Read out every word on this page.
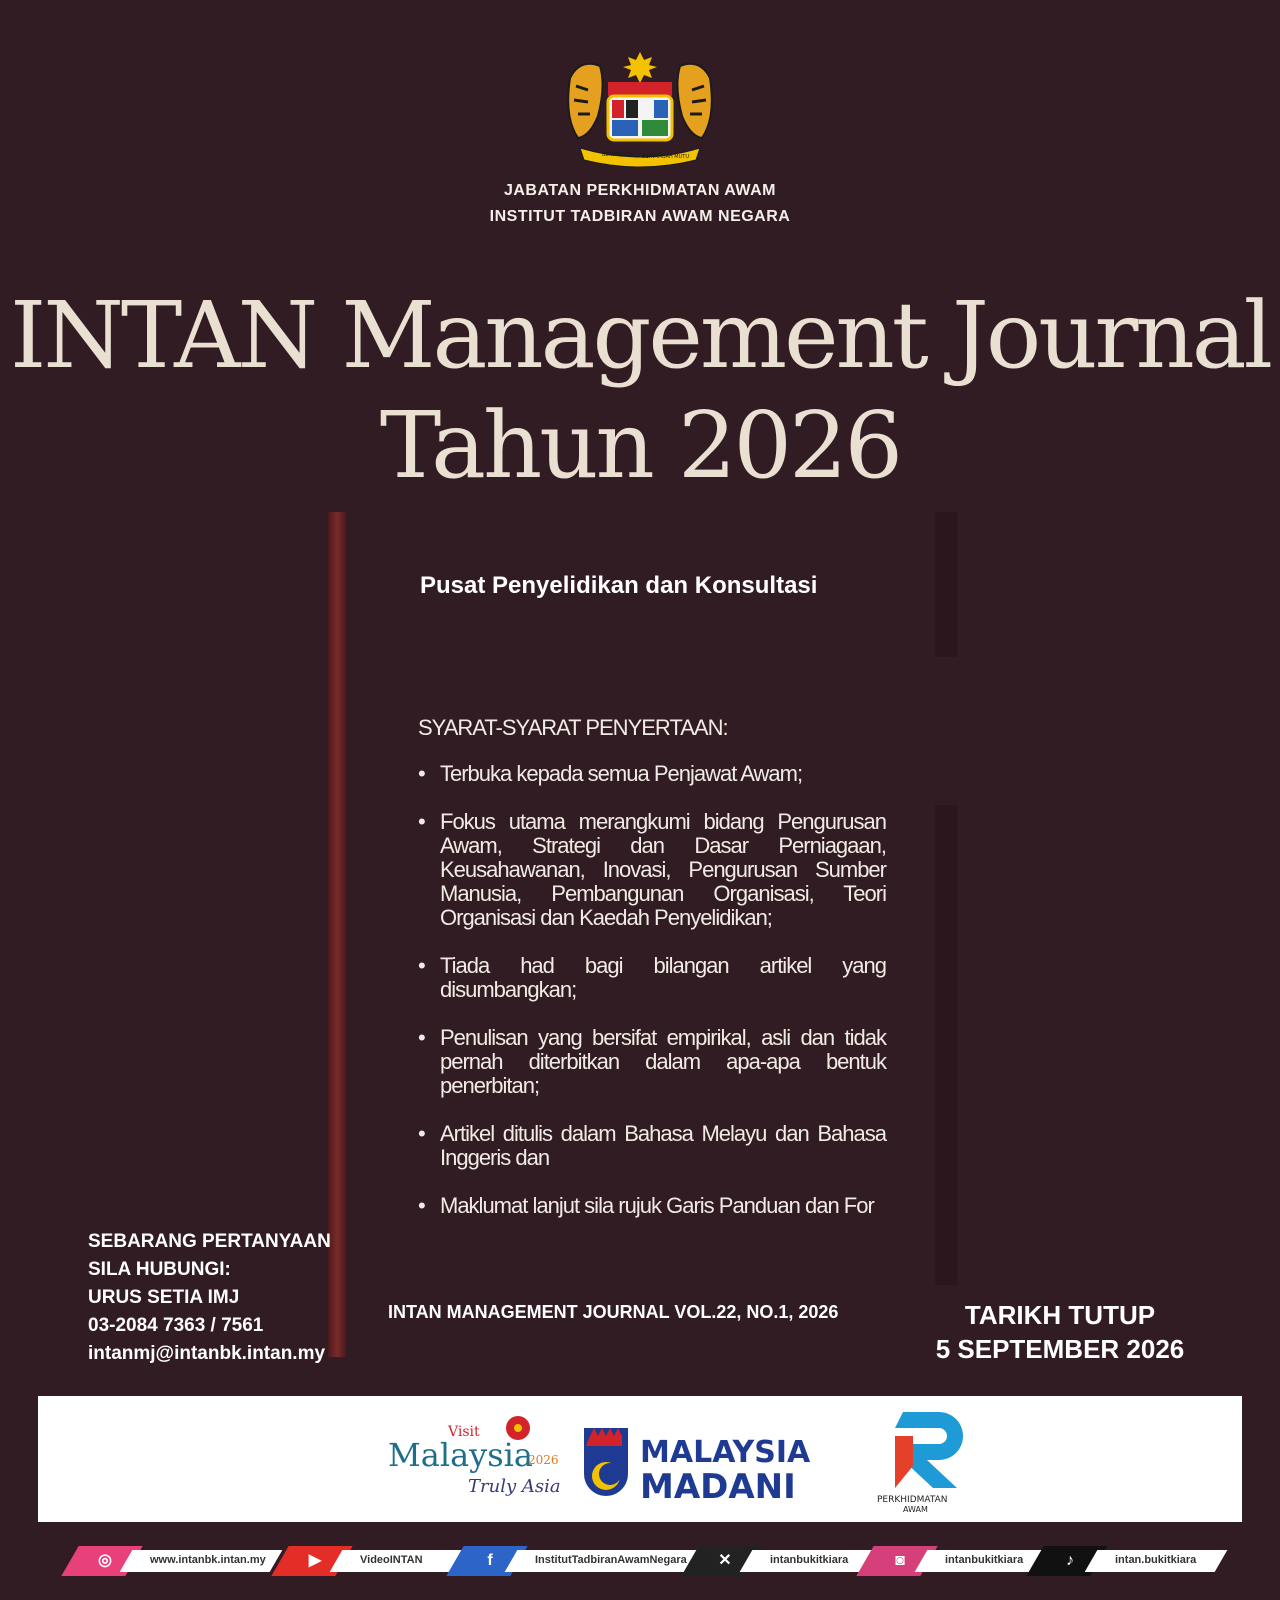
BERSEKUTU BERTAMBAH MUTU
JABATAN PERKHIDMATAN AWAM
INSTITUT TADBIRAN AWAM NEGARA
INTAN Management Journal
Tahun 2026
Pusat Penyelidikan dan Konsultasi
SYARAT-SYARAT PENYERTAAN:
• Terbuka kepada semua Penjawat Awam;
• Fokus utama merangkumi bidang Pengurusan Awam, Strategi dan Dasar Perniagaan, Keusahawanan, Inovasi, Pengurusan Sumber Manusia, Pembangunan Organisasi, Teori Organisasi dan Kaedah Penyelidikan;
• Tiada had bagi bilangan artikel yang disumbangkan;
• Penulisan yang bersifat empirikal, asli dan tidak pernah diterbitkan dalam apa-apa bentuk penerbitan;
• Artikel ditulis dalam Bahasa Melayu dan Bahasa Inggeris dan
• Maklumat lanjut sila rujuk Garis Panduan dan For
SEBARANG PERTANYAAN
SILA HUBUNGI:
URUS SETIA IMJ
03-2084 7363 / 7561
intanmj@intanbk.intan.my
INTAN MANAGEMENT JOURNAL VOL.22, NO.1, 2026	TARIKH TUTUP
5 SEPTEMBER 2026
Visit
Malaysia
2026
Truly Asia
MALAYSIA
MADANI	PERKHIDMATAN
AWAM
◎	www.intanbk.intan.my	▶	VideoINTAN	f	InstitutTadbiranAwamNegara ✕	intanbukitkiara	◙	intanbukitkiara	♪	intan.bukitkiara
